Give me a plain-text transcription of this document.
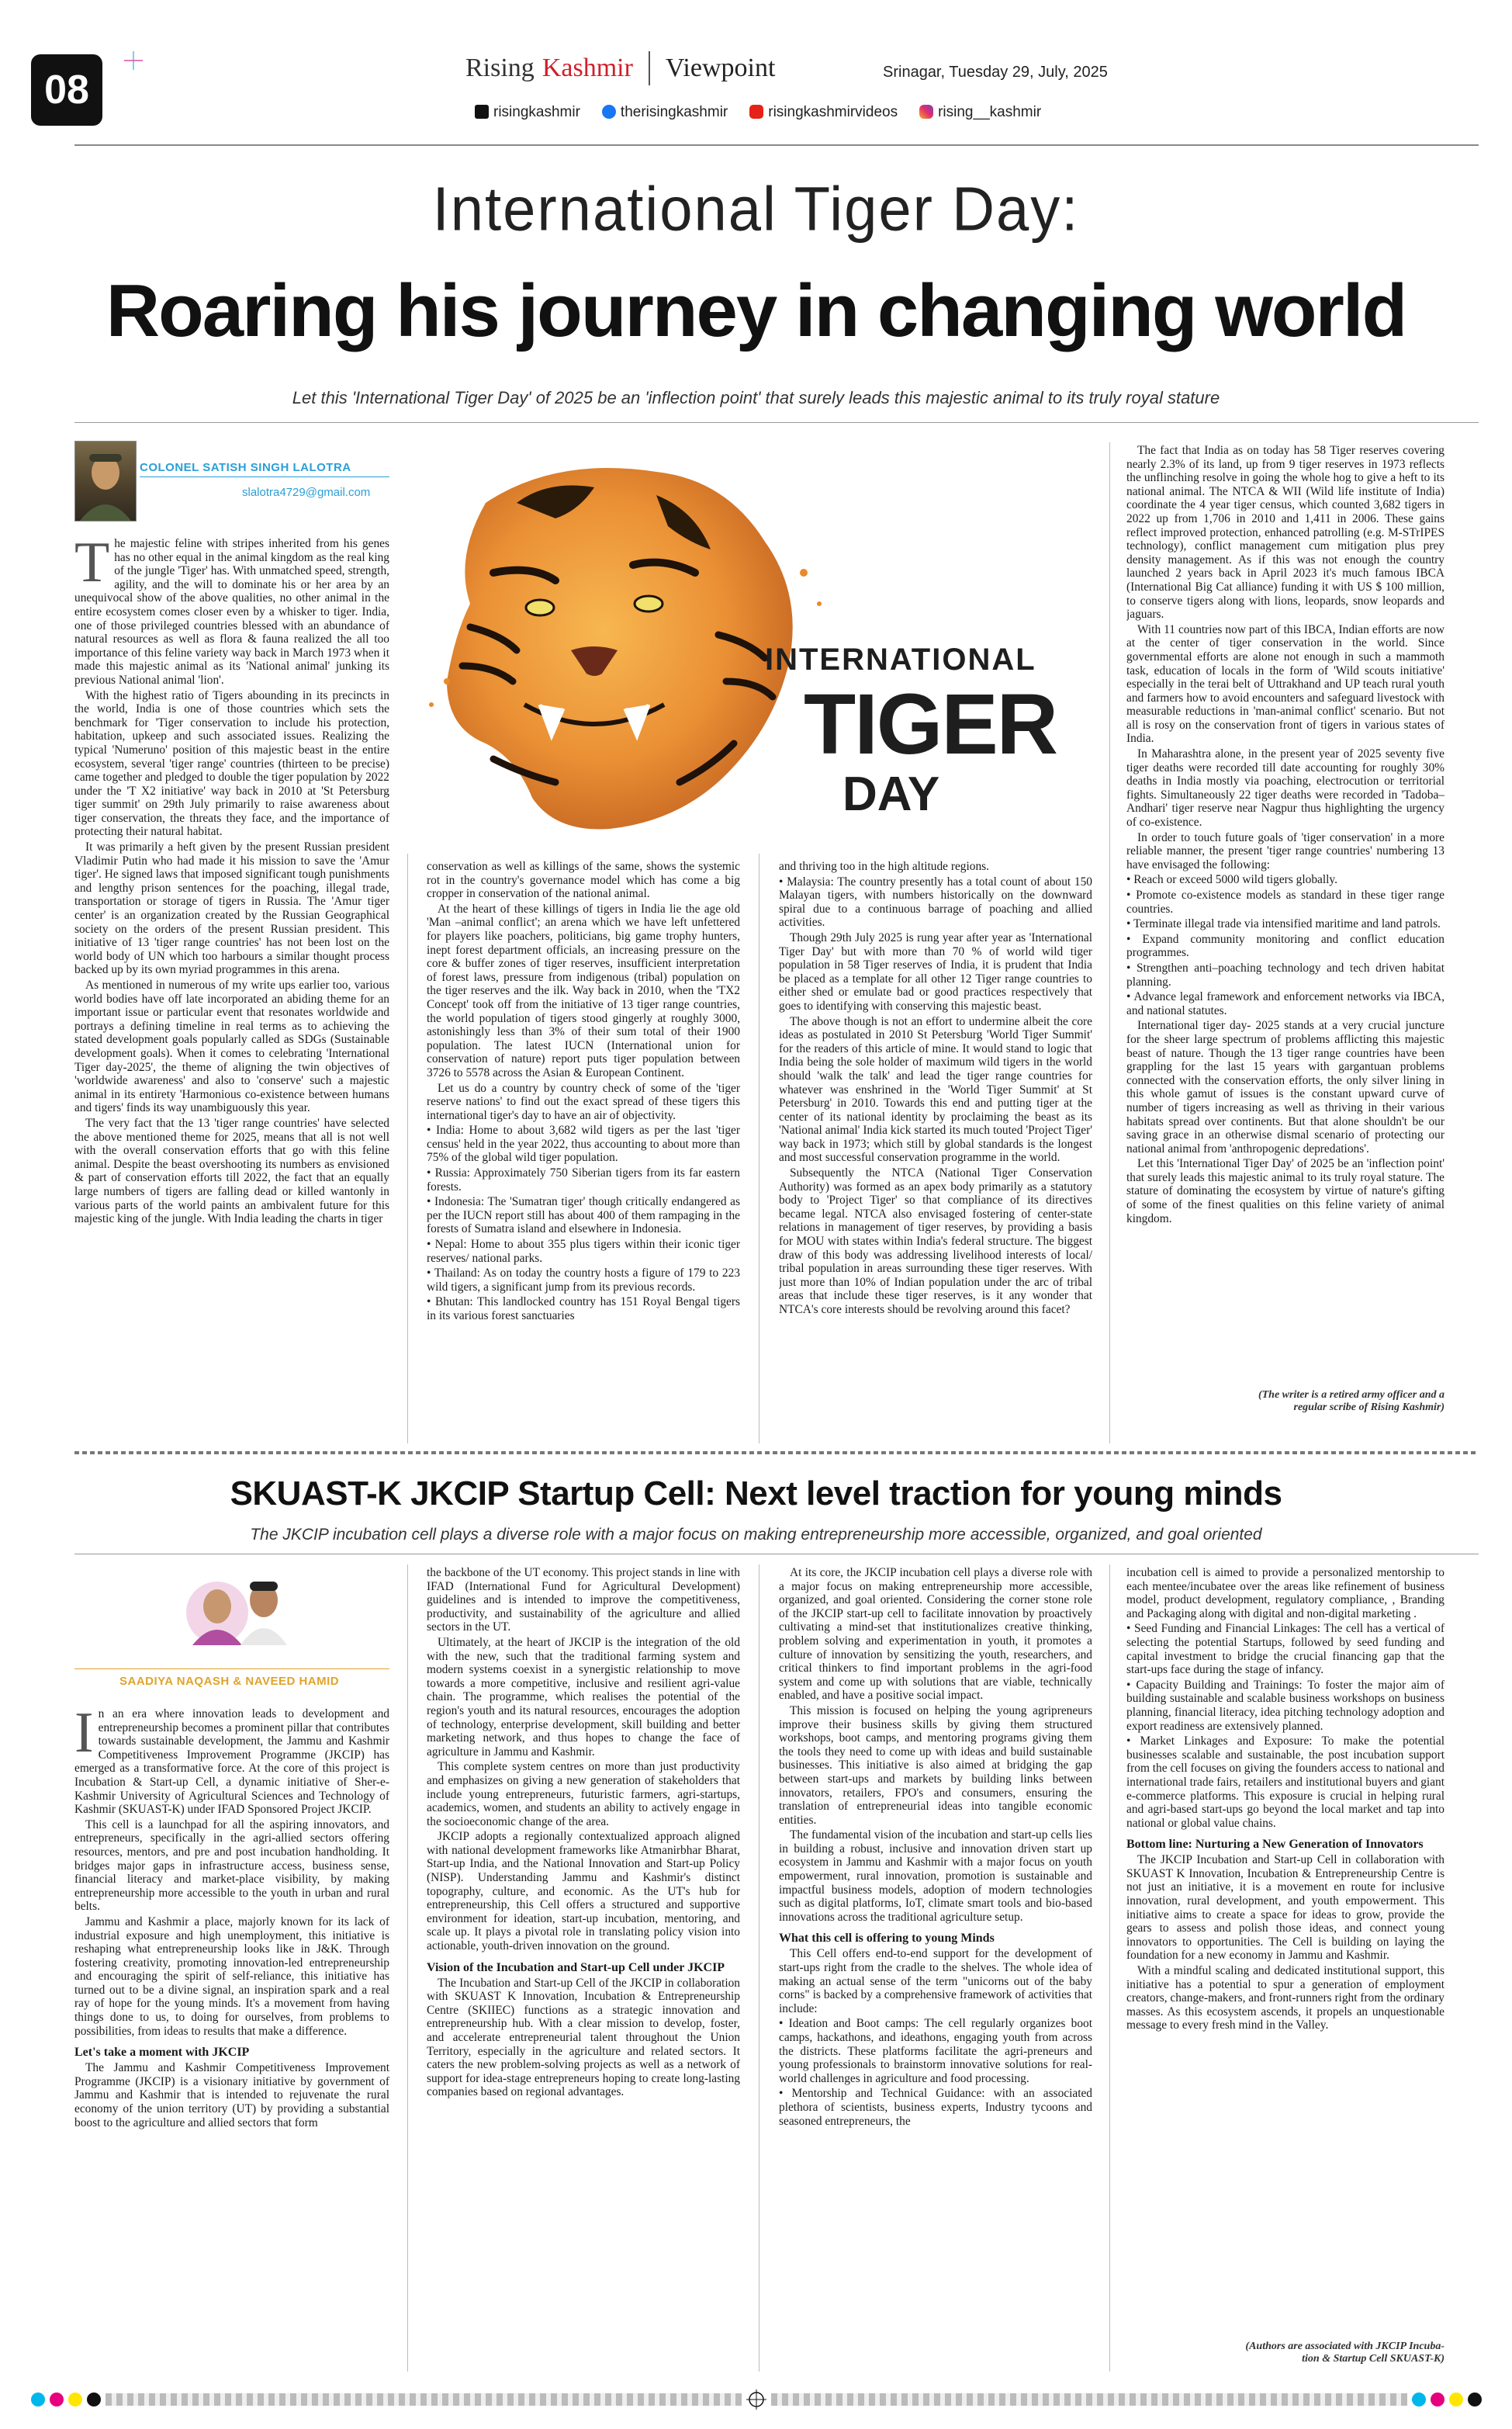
08	Rising Kashmir Viewpoint	Srinagar, Tuesday 29, July, 2025
risingkashmir	therisingkashmir	risingkashmirvideos	rising__kashmir
International Tiger Day:
Roaring his journey in changing world
Let this 'International Tiger Day' of 2025 be an 'inflection point' that surely leads this majestic animal to its truly royal stature
COLONEL SATISH SINGH LALOTRA
slalotra4729@gmail.com
INTERNATIONAL
TIGER
DAY

The majestic feline with stripes inherited from his genes has no other equal in the animal kingdom as the real king of the jungle 'Tiger' has. With unmatched speed, strength, agility, and the will to dominate his or her area by an unequivocal show of the above qualities, no other animal in the entire ecosystem comes closer even by a whisker to tiger. India, one of those privileged countries blessed with an abundance of natural resources as well as flora & fauna realized the all too importance of this feline variety way back in March 1973 when it made this majestic animal as its 'National animal' junking its previous National animal 'lion'.

With the highest ratio of Tigers abounding in its precincts in the world, India is one of those countries which sets the benchmark for 'Tiger conservation to include his protection, habitation, upkeep and such associated issues. Realizing the typical 'Numeruno' position of this majestic beast in the entire ecosystem, several 'tiger range' countries (thirteen to be precise) came together and pledged to double the tiger population by 2022 under the 'T X2 initiative' way back in 2010 at 'St Petersburg tiger summit' on 29th July primarily to raise awareness about tiger conservation, the threats they face, and the importance of protecting their natural habitat.

It was primarily a heft given by the present Russian president Vladimir Putin who had made it his mission to save the 'Amur tiger'. He signed laws that imposed significant tough punishments and lengthy prison sentences for the poaching, illegal trade, transportation or storage of tigers in Russia. The 'Amur tiger center' is an organization created by the Russian Geographical society on the orders of the present Russian president. This initiative of 13 'tiger range countries' has not been lost on the world body of UN which too harbours a similar thought process backed up by its own myriad programmes in this arena.

As mentioned in numerous of my write ups earlier too, various world bodies have off late incorporated an abiding theme for an important issue or particular event that resonates worldwide and portrays a defining timeline in real terms as to achieving the stated development goals popularly called as SDGs (Sustainable development goals). When it comes to celebrating 'International Tiger day-2025', the theme of aligning the twin objectives of 'worldwide awareness' and also to 'conserve' such a majestic animal in its entirety 'Harmonious co-existence between humans and tigers' finds its way unambiguously this year.

The very fact that the 13 'tiger range countries' have selected the above mentioned theme for 2025, means that all is not well with the overall conservation efforts that go with this feline animal. Despite the beast overshooting its numbers as envisioned & part of conservation efforts till 2022, the fact that an equally large numbers of tigers are falling dead or killed wantonly in various parts of the world paints an ambivalent future for this majestic king of the jungle. With India leading the charts in tiger

conservation as well as killings of the same, shows the systemic rot in the country's governance model which has come a big cropper in conservation of the national animal.

At the heart of these killings of tigers in India lie the age old 'Man –animal conflict'; an arena which we have left unfettered for players like poachers, politicians, big game trophy hunters, inept forest department officials, an increasing pressure on the core & buffer zones of tiger reserves, insufficient interpretation of forest laws, pressure from indigenous (tribal) population on the tiger reserves and the ilk. Way back in 2010, when the 'TX2 Concept' took off from the initiative of 13 tiger range countries, the world population of tigers stood gingerly at roughly 3000, astonishingly less than 3% of their sum total of their 1900 population. The latest IUCN (International union for conservation of nature) report puts tiger population between 3726 to 5578 across the Asian & European Continent.

Let us do a country by country check of some of the 'tiger reserve nations' to find out the exact spread of these tigers this international tiger's day to have an air of objectivity.

• India: Home to about 3,682 wild tigers as per the last 'tiger census' held in the year 2022, thus accounting to about more than 75% of the global wild tiger population.

• Russia: Approximately 750 Siberian tigers from its far eastern forests.

• Indonesia: The 'Sumatran tiger' though critically endangered as per the IUCN report still has about 400 of them rampaging in the forests of Sumatra island and elsewhere in Indonesia.

• Nepal: Home to about 355 plus tigers within their iconic tiger reserves/ national parks.

• Thailand: As on today the country hosts a figure of 179 to 223 wild tigers, a significant jump from its previous records.

• Bhutan: This landlocked country has 151 Royal Bengal tigers in its various forest sanctuaries

and thriving too in the high altitude regions.

• Malaysia: The country presently has a total count of about 150 Malayan tigers, with numbers historically on the downward spiral due to a continuous barrage of poaching and allied activities.

Though 29th July 2025 is rung year after year as 'International Tiger Day' but with more than 70 % of world wild tiger population in 58 Tiger reserves of India, it is prudent that India be placed as a template for all other 12 Tiger range countries to either shed or emulate bad or good practices respectively that goes to identifying with conserving this majestic beast.

The above though is not an effort to undermine albeit the core ideas as postulated in 2010 St Petersburg 'World Tiger Summit' for the readers of this article of mine. It would stand to logic that India being the sole holder of maximum wild tigers in the world should 'walk the talk' and lead the tiger range countries for whatever was enshrined in the 'World Tiger Summit' at St Petersburg' in 2010. Towards this end and putting tiger at the center of its national identity by proclaiming the beast as its 'National animal' India kick started its much touted 'Project Tiger' way back in 1973; which still by global standards is the longest and most successful conservation programme in the world.

Subsequently the NTCA (National Tiger Conservation Authority) was formed as an apex body primarily as a statutory body to 'Project Tiger' so that compliance of its directives became legal. NTCA also envisaged fostering of center-state relations in management of tiger reserves, by providing a basis for MOU with states within India's federal structure. The biggest draw of this body was addressing livelihood interests of local/ tribal population in areas surrounding these tiger reserves. With just more than 10% of Indian population under the arc of tribal areas that include these tiger reserves, is it any wonder that NTCA's core interests should be revolving around this facet?

The fact that India as on today has 58 Tiger reserves covering nearly 2.3% of its land, up from 9 tiger reserves in 1973 reflects the unflinching resolve in going the whole hog to give a heft to its national animal. The NTCA & WII (Wild life institute of India) coordinate the 4 year tiger census, which counted 3,682 tigers in 2022 up from 1,706 in 2010 and 1,411 in 2006. These gains reflect improved protection, enhanced patrolling (e.g. M-STrIPES technology), conflict management cum mitigation plus prey density management. As if this was not enough the country launched 2 years back in April 2023 it's much famous IBCA (International Big Cat alliance) funding it with US $ 100 million, to conserve tigers along with lions, leopards, snow leopards and jaguars.

With 11 countries now part of this IBCA, Indian efforts are now at the center of tiger conservation in the world. Since governmental efforts are alone not enough in such a mammoth task, education of locals in the form of 'Wild scouts initiative' especially in the terai belt of Uttrakhand and UP teach rural youth and farmers how to avoid encounters and safeguard livestock with measurable reductions in 'man-animal conflict' scenario. But not all is rosy on the conservation front of tigers in various states of India.

In Maharashtra alone, in the present year of 2025 seventy five tiger deaths were recorded till date accounting for roughly 30% deaths in India mostly via poaching, electrocution or territorial fights. Simultaneously 22 tiger deaths were recorded in 'Tadoba–Andhari' tiger reserve near Nagpur thus highlighting the urgency of co-existence.

In order to touch future goals of 'tiger conservation' in a more reliable manner, the present 'tiger range countries' numbering 13 have envisaged the following:

• Reach or exceed 5000 wild tigers globally.

• Promote co-existence models as standard in these tiger range countries.

• Terminate illegal trade via intensified maritime and land patrols.

• Expand community monitoring and conflict education programmes.

• Strengthen anti–poaching technology and tech driven habitat planning.

• Advance legal framework and enforcement networks via IBCA, and national statutes.

International tiger day- 2025 stands at a very crucial juncture for the sheer large spectrum of problems afflicting this majestic beast of nature. Though the 13 tiger range countries have been grappling for the last 15 years with gargantuan problems connected with the conservation efforts, the only silver lining in this whole gamut of issues is the constant upward curve of number of tigers increasing as well as thriving in their various habitats spread over continents. But that alone shouldn't be our saving grace in an otherwise dismal scenario of protecting our national animal from 'anthropogenic depredations'.

Let this 'International Tiger Day' of 2025 be an 'inflection point' that surely leads this majestic animal to its truly royal stature. The stature of dominating the ecosystem by virtue of nature's gifting of some of the finest qualities on this feline variety of animal kingdom.

(The writer is a retired army officer and a
regular scribe of Rising Kashmir)
SKUAST-K JKCIP Startup Cell: Next level traction for young minds
The JKCIP incubation cell plays a diverse role with a major focus on making entrepreneurship more accessible, organized, and goal oriented
SAADIYA NAQASH & NAVEED HAMID

In an era where innovation leads to development and entrepreneurship becomes a prominent pillar that contributes towards sustainable development, the Jammu and Kashmir Competitiveness Improvement Programme (JKCIP) has emerged as a transformative force. At the core of this project is Incubation & Start-up Cell, a dynamic initiative of Sher-e-Kashmir University of Agricultural Sciences and Technology of Kashmir (SKUAST-K) under IFAD Sponsored Project JKCIP.

This cell is a launchpad for all the aspiring innovators, and entrepreneurs, specifically in the agri-allied sectors offering resources, mentors, and pre and post incubation handholding. It bridges major gaps in infrastructure access, business sense, financial literacy and market-place visibility, by making entrepreneurship more accessible to the youth in urban and rural belts.

Jammu and Kashmir a place, majorly known for its lack of industrial exposure and high unemployment, this initiative is reshaping what entrepreneurship looks like in J&K. Through fostering creativity, promoting innovation-led entrepreneurship and encouraging the spirit of self-reliance, this initiative has turned out to be a divine signal, an inspiration spark and a real ray of hope for the young minds. It's a movement from having things done to us, to doing for ourselves, from problems to possibilities, from ideas to results that make a difference.

Let's take a moment with JKCIP

The Jammu and Kashmir Competitiveness Improvement Programme (JKCIP) is a visionary initiative by government of Jammu and Kashmir that is intended to rejuvenate the rural economy of the union territory (UT) by providing a substantial boost to the agriculture and allied sectors that form

the backbone of the UT economy. This project stands in line with IFAD (International Fund for Agricultural Development) guidelines and is intended to improve the competitiveness, productivity, and sustainability of the agriculture and allied sectors in the UT.

Ultimately, at the heart of JKCIP is the integration of the old with the new, such that the traditional farming system and modern systems coexist in a synergistic relationship to move towards a more competitive, inclusive and resilient agri-value chain. The programme, which realises the potential of the region's youth and its natural resources, encourages the adoption of technology, enterprise development, skill building and better marketing network, and thus hopes to change the face of agriculture in Jammu and Kashmir.

This complete system centres on more than just productivity and emphasizes on giving a new generation of stakeholders that include young entrepreneurs, futuristic farmers, agri-startups, academics, women, and students an ability to actively engage in the socioeconomic change of the area.

JKCIP adopts a regionally contextualized approach aligned with national development frameworks like Atmanirbhar Bharat, Start-up India, and the National Innovation and Start-up Policy (NISP). Understanding Jammu and Kashmir's distinct topography, culture, and economic. As the UT's hub for entrepreneurship, this Cell offers a structured and supportive environment for ideation, start-up incubation, mentoring, and scale up. It plays a pivotal role in translating policy vision into actionable, youth-driven innovation on the ground.

Vision of the Incubation and Start-up Cell under JKCIP

The Incubation and Start-up Cell of the JKCIP in collaboration with SKUAST K Innovation, Incubation & Entrepreneurship Centre (SKIIEC) functions as a strategic innovation and entrepreneurship hub. With a clear mission to develop, foster, and accelerate entrepreneurial talent throughout the Union Territory, especially in the agriculture and related sectors. It caters the new problem-solving projects as well as a network of support for idea-stage entrepreneurs hoping to create long-lasting companies based on regional advantages.

At its core, the JKCIP incubation cell plays a diverse role with a major focus on making entrepreneurship more accessible, organized, and goal oriented. Considering the corner stone role of the JKCIP start-up cell to facilitate innovation by proactively cultivating a mind-set that institutionalizes creative thinking, problem solving and experimentation in youth, it promotes a culture of innovation by sensitizing the youth, researchers, and critical thinkers to find important problems in the agri-food system and come up with solutions that are viable, technically enabled, and have a positive social impact.

This mission is focused on helping the young agripreneurs improve their business skills by giving them structured workshops, boot camps, and mentoring programs giving them the tools they need to come up with ideas and build sustainable businesses. This initiative is also aimed at bridging the gap between start-ups and markets by building links between innovators, retailers, FPO's and consumers, ensuring the translation of entrepreneurial ideas into tangible economic entities.

The fundamental vision of the incubation and start-up cells lies in building a robust, inclusive and innovation driven start up ecosystem in Jammu and Kashmir with a major focus on youth empowerment, rural innovation, promotion is sustainable and impactful business models, adoption of modern technologies such as digital platforms, IoT, climate smart tools and bio-based innovations across the traditional agriculture setup.

What this cell is offering to young Minds

This Cell offers end-to-end support for the development of start-ups right from the cradle to the shelves. The whole idea of making an actual sense of the term "unicorns out of the baby corns" is backed by a comprehensive framework of activities that include:

• Ideation and Boot camps: The cell regularly organizes boot camps, hackathons, and ideathons, engaging youth from across the districts. These platforms facilitate the agri-preneurs and young professionals to brainstorm innovative solutions for real-world challenges in agriculture and food processing.

• Mentorship and Technical Guidance: with an associated plethora of scientists, business experts, Industry tycoons and seasoned entrepreneurs, the

incubation cell is aimed to provide a personalized mentorship to each mentee/incubatee over the areas like refinement of business model, product development, regulatory compliance, , Branding and Packaging along with digital and non-digital marketing .

• Seed Funding and Financial Linkages: The cell has a vertical of selecting the potential Startups, followed by seed funding and capital investment to bridge the crucial financing gap that the start-ups face during the stage of infancy.

• Capacity Building and Trainings: To foster the major aim of building sustainable and scalable business workshops on business planning, financial literacy, idea pitching technology adoption and export readiness are extensively planned.

• Market Linkages and Exposure: To make the potential businesses scalable and sustainable, the post incubation support from the cell focuses on giving the founders access to national and international trade fairs, retailers and institutional buyers and giant e-commerce platforms. This exposure is crucial in helping rural and agri-based start-ups go beyond the local market and tap into national or global value chains.

Bottom line: Nurturing a New Generation of Innovators

The JKCIP Incubation and Start-up Cell in collaboration with SKUAST K Innovation, Incubation & Entrepreneurship Centre is not just an initiative, it is a movement en route for inclusive innovation, rural development, and youth empowerment. This initiative aims to create a space for ideas to grow, provide the gears to assess and polish those ideas, and connect young innovators to opportunities. The Cell is building on laying the foundation for a new economy in Jammu and Kashmir.

With a mindful scaling and dedicated institutional support, this initiative has a potential to spur a generation of employment creators, change-makers, and front-runners right from the ordinary masses. As this ecosystem ascends, it propels an unquestionable message to every fresh mind in the Valley.

(Authors are associated with JKCIP Incuba-
tion & Startup Cell SKUAST-K)
